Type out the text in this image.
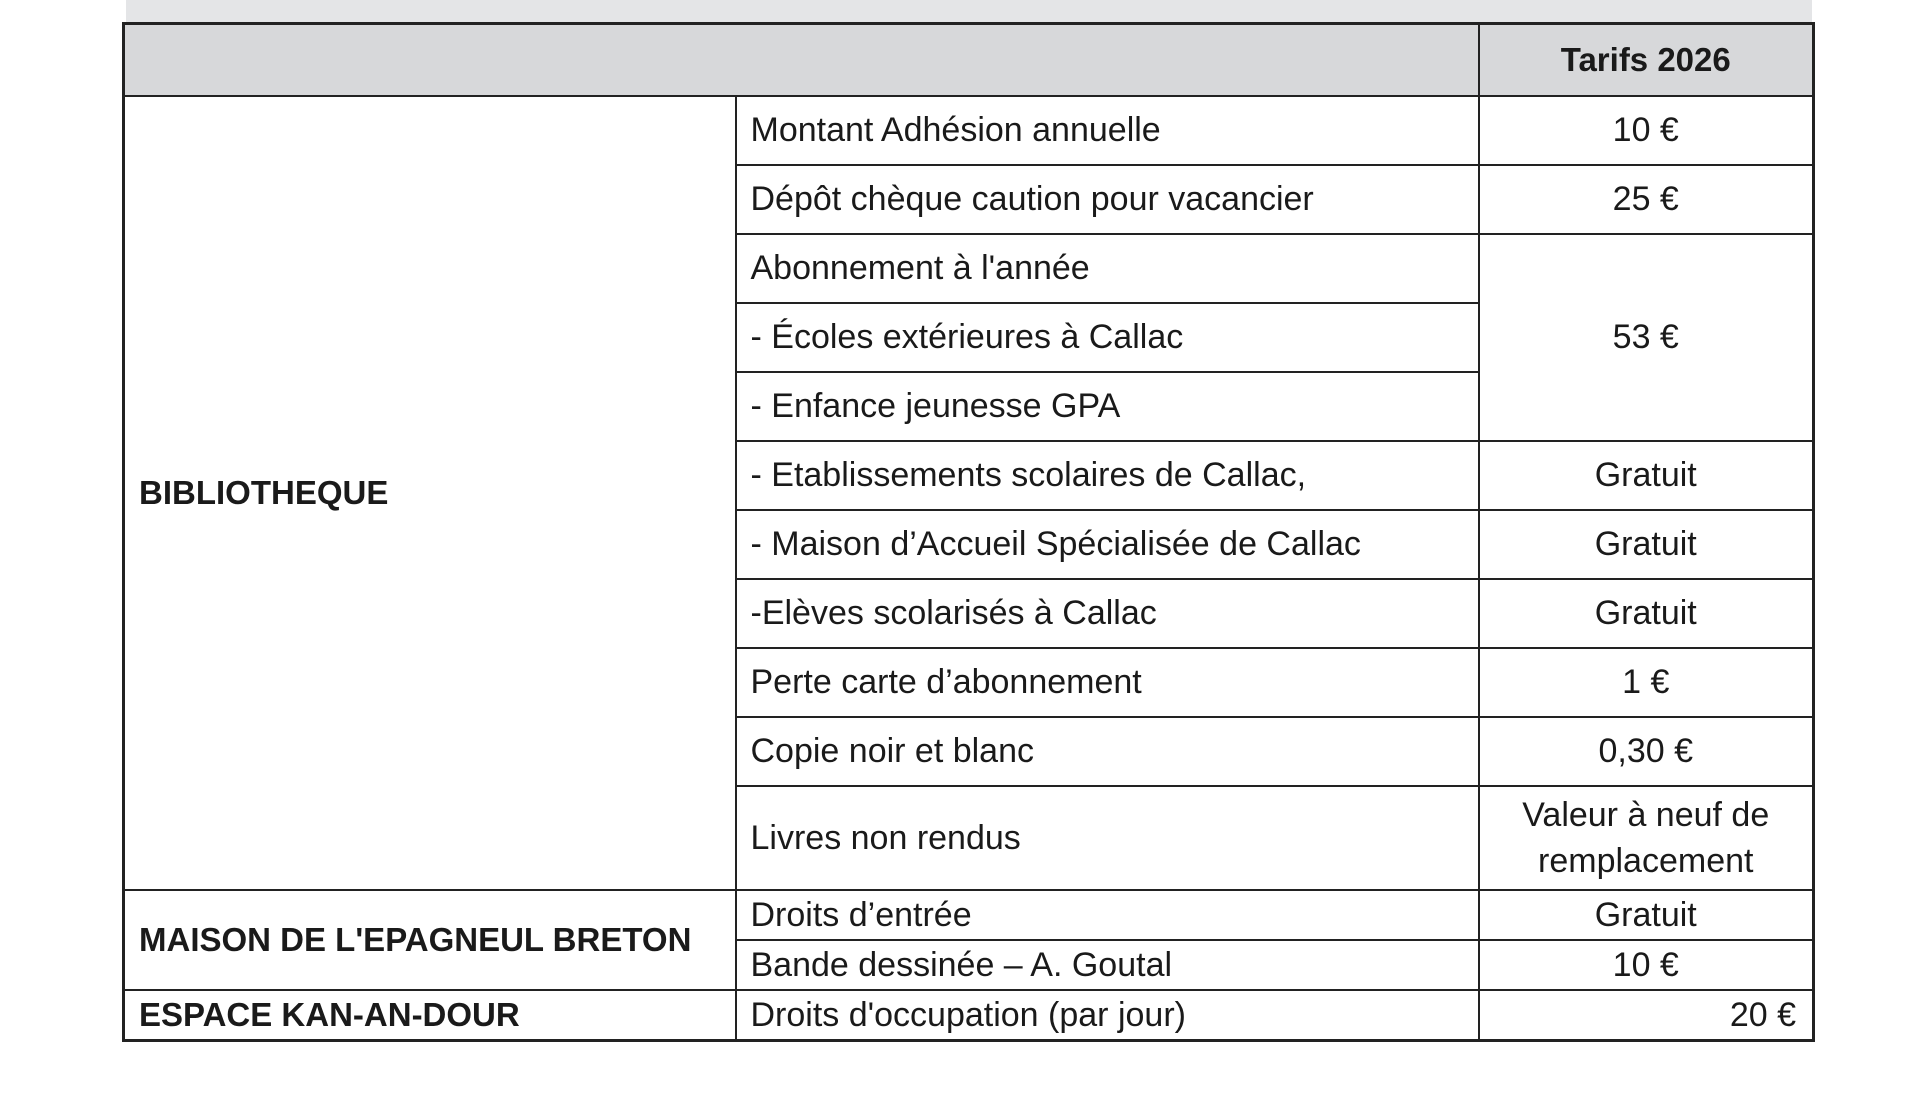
		Tarifs 2026
BIBLIOTHEQUE	Montant Adhésion annuelle	10 €
	Dépôt chèque caution pour vacancier	25 €
	Abonnement à l'année	53 €
	- Écoles extérieures à Callac	
	- Enfance jeunesse GPA	
	- Etablissements scolaires de Callac,	Gratuit
	- Maison d’Accueil Spécialisée de Callac	Gratuit
	-Elèves scolarisés à Callac	Gratuit
	Perte carte d’abonnement	1 €
	Copie noir et blanc	0,30 €
	Livres non rendus	Valeur à neuf de remplacement
MAISON DE L'EPAGNEUL BRETON	Droits d’entrée	Gratuit
	Bande dessinée – A. Goutal	10 €
ESPACE KAN-AN-DOUR	Droits d'occupation (par jour)	20 €
